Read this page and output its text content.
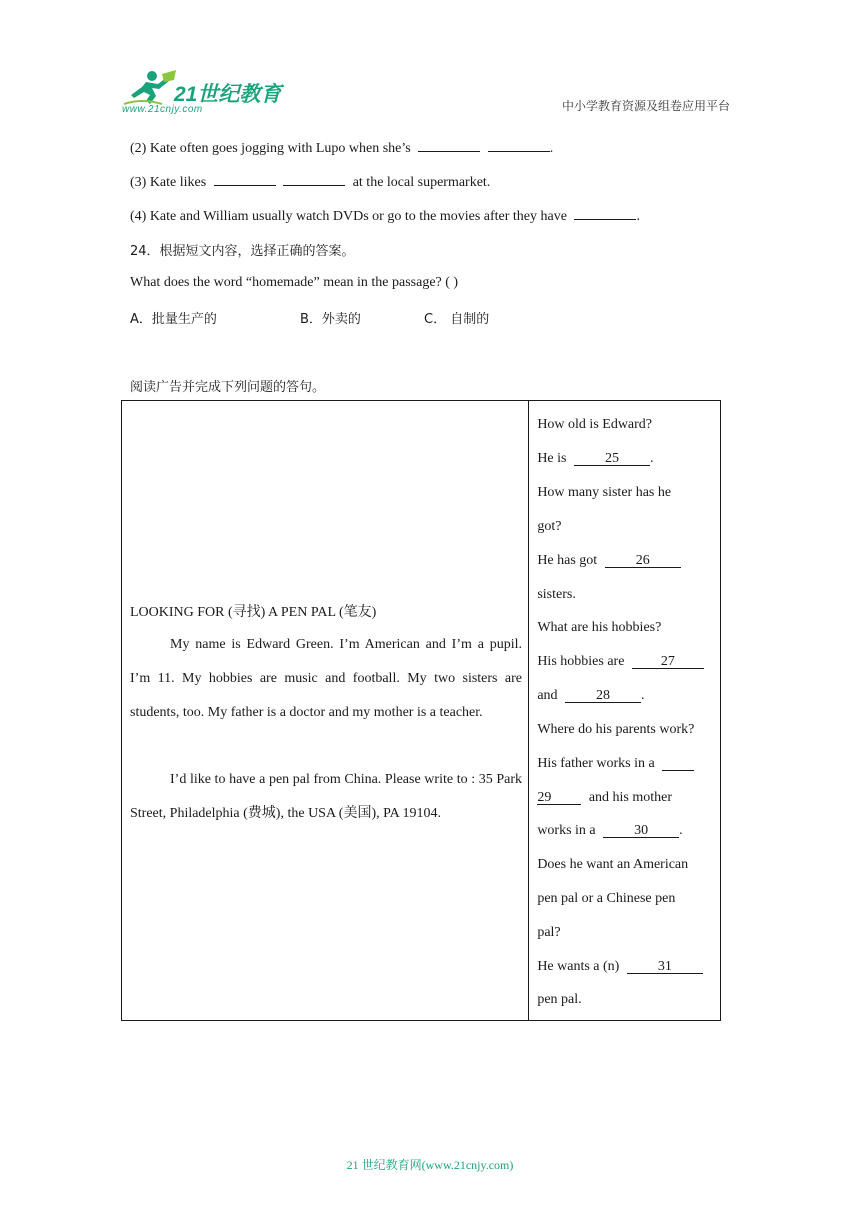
21世纪教育
www.21cnjy.com	中小学教育资源及组卷应用平台
(2) Kate often goes jogging with Lupo when she’s	.
(3) Kate likes	at the local supermarket.
(4) Kate and William usually watch DVDs or go to the movies after they have	.
24．根据短文内容，选择正确的答案。
What does the word “homemade” mean in the passage? ( )
A．批量生产的	B．外卖的	C． 自制的
阅读广告并完成下列问题的答句。
LOOKING FOR (寻找) A PEN PAL (笔友)
My name is Edward Green. I’m American and I’m a pupil. I’m 11. My hobbies are music and football. My two sisters are students, too. My father is a doctor and my mother is a teacher.
I’d like to have a pen pal from China. Please write to : 35 Park Street, Philadelphia (费城), the USA (美国), PA 19104.

How old is Edward?
He is	25 .
How many sister has he
got?
He has got	26
sisters.
What are his hobbies?
His hobbies are	27
and	28 .
Where do his parents work?
His father works in a
29	and his mother
works in a	30 .
Does he want an American
pen pal or a Chinese pen
pal?
He wants a (n)	31
pen pal.
21 世纪教育网(www.21cnjy.com)
